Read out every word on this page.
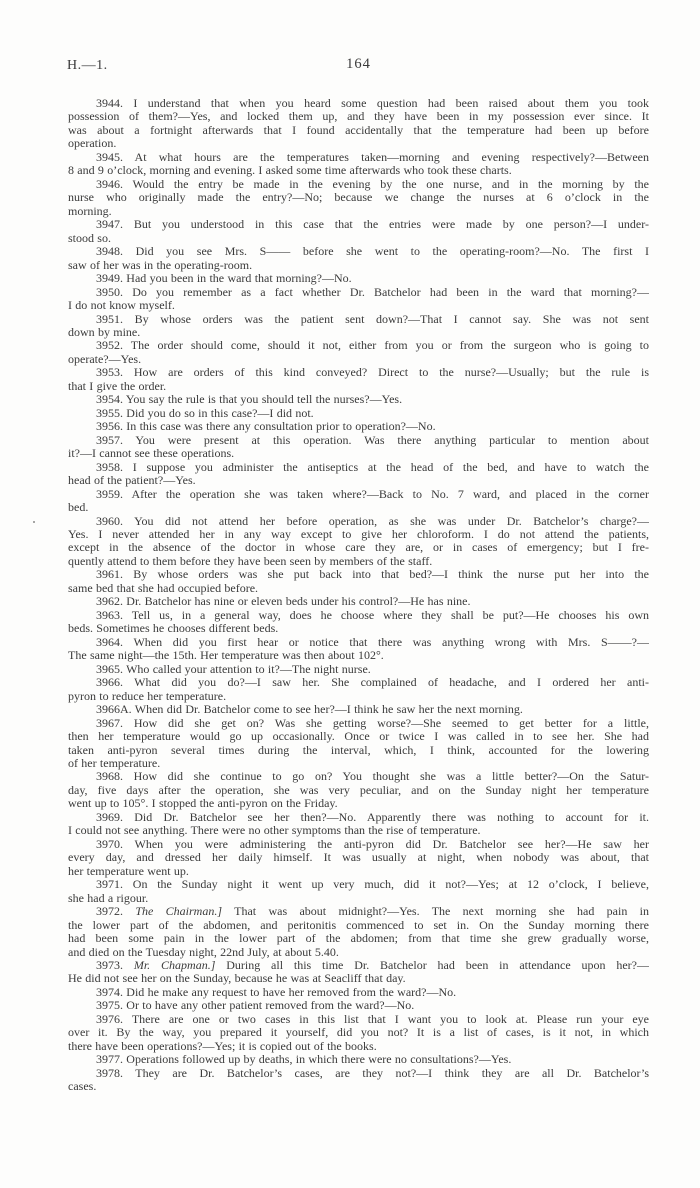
H.—1.	164
3944. I understand that when you heard some question had been raised about them you took
possession of them?—Yes, and locked them up, and they have been in my possession ever since. It
was about a fortnight afterwards that I found accidentally that the temperature had been up before
operation.
3945. At what hours are the temperatures taken—morning and evening respectively?—Between
8 and 9 o’clock, morning and evening. I asked some time afterwards who took these charts.
3946. Would the entry be made in the evening by the one nurse, and in the morning by the
nurse who originally made the entry?—No; because we change the nurses at 6 o’clock in the
morning.
3947. But you understood in this case that the entries were made by one person?—I under-
stood so.
3948. Did you see Mrs. S—— before she went to the operating-room?—No. The first I
saw of her was in the operating-room.
3949. Had you been in the ward that morning?—No.
3950. Do you remember as a fact whether Dr. Batchelor had been in the ward that morning?—
I do not know myself.
3951. By whose orders was the patient sent down?—That I cannot say. She was not sent
down by mine.
3952. The order should come, should it not, either from you or from the surgeon who is going to
operate?—Yes.
3953. How are orders of this kind conveyed? Direct to the nurse?—Usually; but the rule is
that I give the order.
3954. You say the rule is that you should tell the nurses?—Yes.
3955. Did you do so in this case?—I did not.
3956. In this case was there any consultation prior to operation?—No.
3957. You were present at this operation. Was there anything particular to mention about
it?—I cannot see these operations.
3958. I suppose you administer the antiseptics at the head of the bed, and have to watch the
head of the patient?—Yes.
3959. After the operation she was taken where?—Back to No. 7 ward, and placed in the corner
bed.
3960. You did not attend her before operation, as she was under Dr. Batchelor’s charge?—
Yes. I never attended her in any way except to give her chloroform. I do not attend the patients,
except in the absence of the doctor in whose care they are, or in cases of emergency; but I fre-
quently attend to them before they have been seen by members of the staff.
3961. By whose orders was she put back into that bed?—I think the nurse put her into the
same bed that she had occupied before.
3962. Dr. Batchelor has nine or eleven beds under his control?—He has nine.
3963. Tell us, in a general way, does he choose where they shall be put?—He chooses his own
beds. Sometimes he chooses different beds.
3964. When did you first hear or notice that there was anything wrong with Mrs. S——?—
The same night—the 15th. Her temperature was then about 102°.
3965. Who called your attention to it?—The night nurse.
3966. What did you do?—I saw her. She complained of headache, and I ordered her anti-
pyron to reduce her temperature.
3966A. When did Dr. Batchelor come to see her?—I think he saw her the next morning.
3967. How did she get on? Was she getting worse?—She seemed to get better for a little,
then her temperature would go up occasionally. Once or twice I was called in to see her. She had
taken anti-pyron several times during the interval, which, I think, accounted for the lowering
of her temperature.
3968. How did she continue to go on? You thought she was a little better?—On the Satur-
day, five days after the operation, she was very peculiar, and on the Sunday night her temperature
went up to 105°. I stopped the anti-pyron on the Friday.
3969. Did Dr. Batchelor see her then?—No. Apparently there was nothing to account for it.
I could not see anything. There were no other symptoms than the rise of temperature.
3970. When you were administering the anti-pyron did Dr. Batchelor see her?—He saw her
every day, and dressed her daily himself. It was usually at night, when nobody was about, that
her temperature went up.
3971. On the Sunday night it went up very much, did it not?—Yes; at 12 o’clock, I believe,
she had a rigour.
3972. The Chairman.] That was about midnight?—Yes. The next morning she had pain in
the lower part of the abdomen, and peritonitis commenced to set in. On the Sunday morning there
had been some pain in the lower part of the abdomen; from that time she grew gradually worse,
and died on the Tuesday night, 22nd July, at about 5.40.
3973. Mr. Chapman.] During all this time Dr. Batchelor had been in attendance upon her?—
He did not see her on the Sunday, because he was at Seacliff that day.
3974. Did he make any request to have her removed from the ward?—No.
3975. Or to have any other patient removed from the ward?—No.
3976. There are one or two cases in this list that I want you to look at. Please run your eye
over it. By the way, you prepared it yourself, did you not? It is a list of cases, is it not, in which
there have been operations?—Yes; it is copied out of the books.
3977. Operations followed up by deaths, in which there were no consultations?—Yes.
3978. They are Dr. Batchelor’s cases, are they not?—I think they are all Dr. Batchelor’s
cases.
